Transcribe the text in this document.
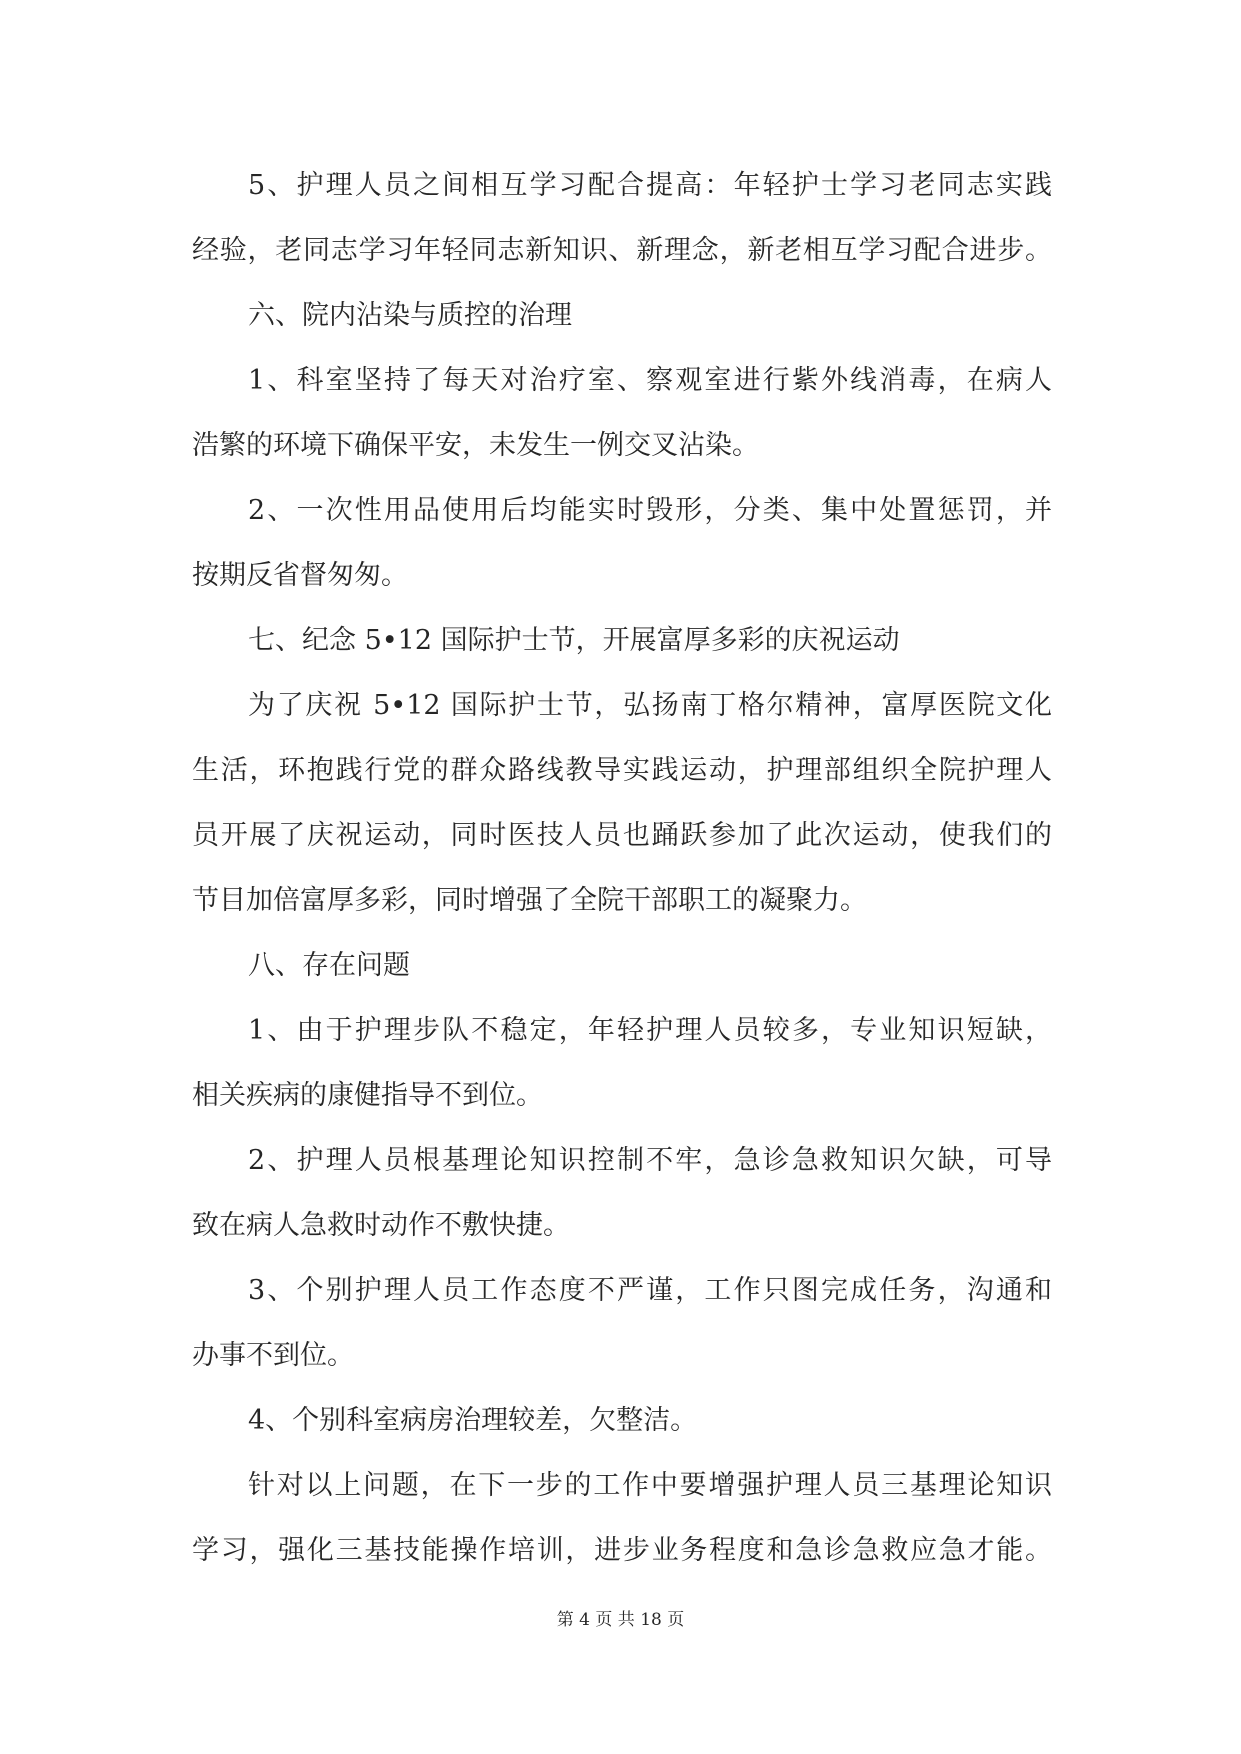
5、护理人员之间相互学习配合提高：年轻护士学习老同志实践
经验，老同志学习年轻同志新知识、新理念，新老相互学习配合进步。
六、院内沾染与质控的治理
1、科室坚持了每天对治疗室、察观室进行紫外线消毒，在病人
浩繁的环境下确保平安，未发生一例交叉沾染。
2、一次性用品使用后均能实时毁形，分类、集中处置惩罚，并
按期反省督匆匆。
七、纪念 5•12 国际护士节，开展富厚多彩的庆祝运动
为了庆祝 5•12 国际护士节，弘扬南丁格尔精神，富厚医院文化
生活，环抱践行党的群众路线教导实践运动，护理部组织全院护理人
员开展了庆祝运动，同时医技人员也踊跃参加了此次运动，使我们的
节目加倍富厚多彩，同时增强了全院干部职工的凝聚力。
八、存在问题
1、由于护理步队不稳定，年轻护理人员较多，专业知识短缺，
相关疾病的康健指导不到位。
2、护理人员根基理论知识控制不牢，急诊急救知识欠缺，可导
致在病人急救时动作不敷快捷。
3、个别护理人员工作态度不严谨，工作只图完成任务，沟通和
办事不到位。
4、个别科室病房治理较差，欠整洁。
针对以上问题，在下一步的工作中要增强护理人员三基理论知识
学习，强化三基技能操作培训，进步业务程度和急诊急救应急才能。
第 4 页 共 18 页
